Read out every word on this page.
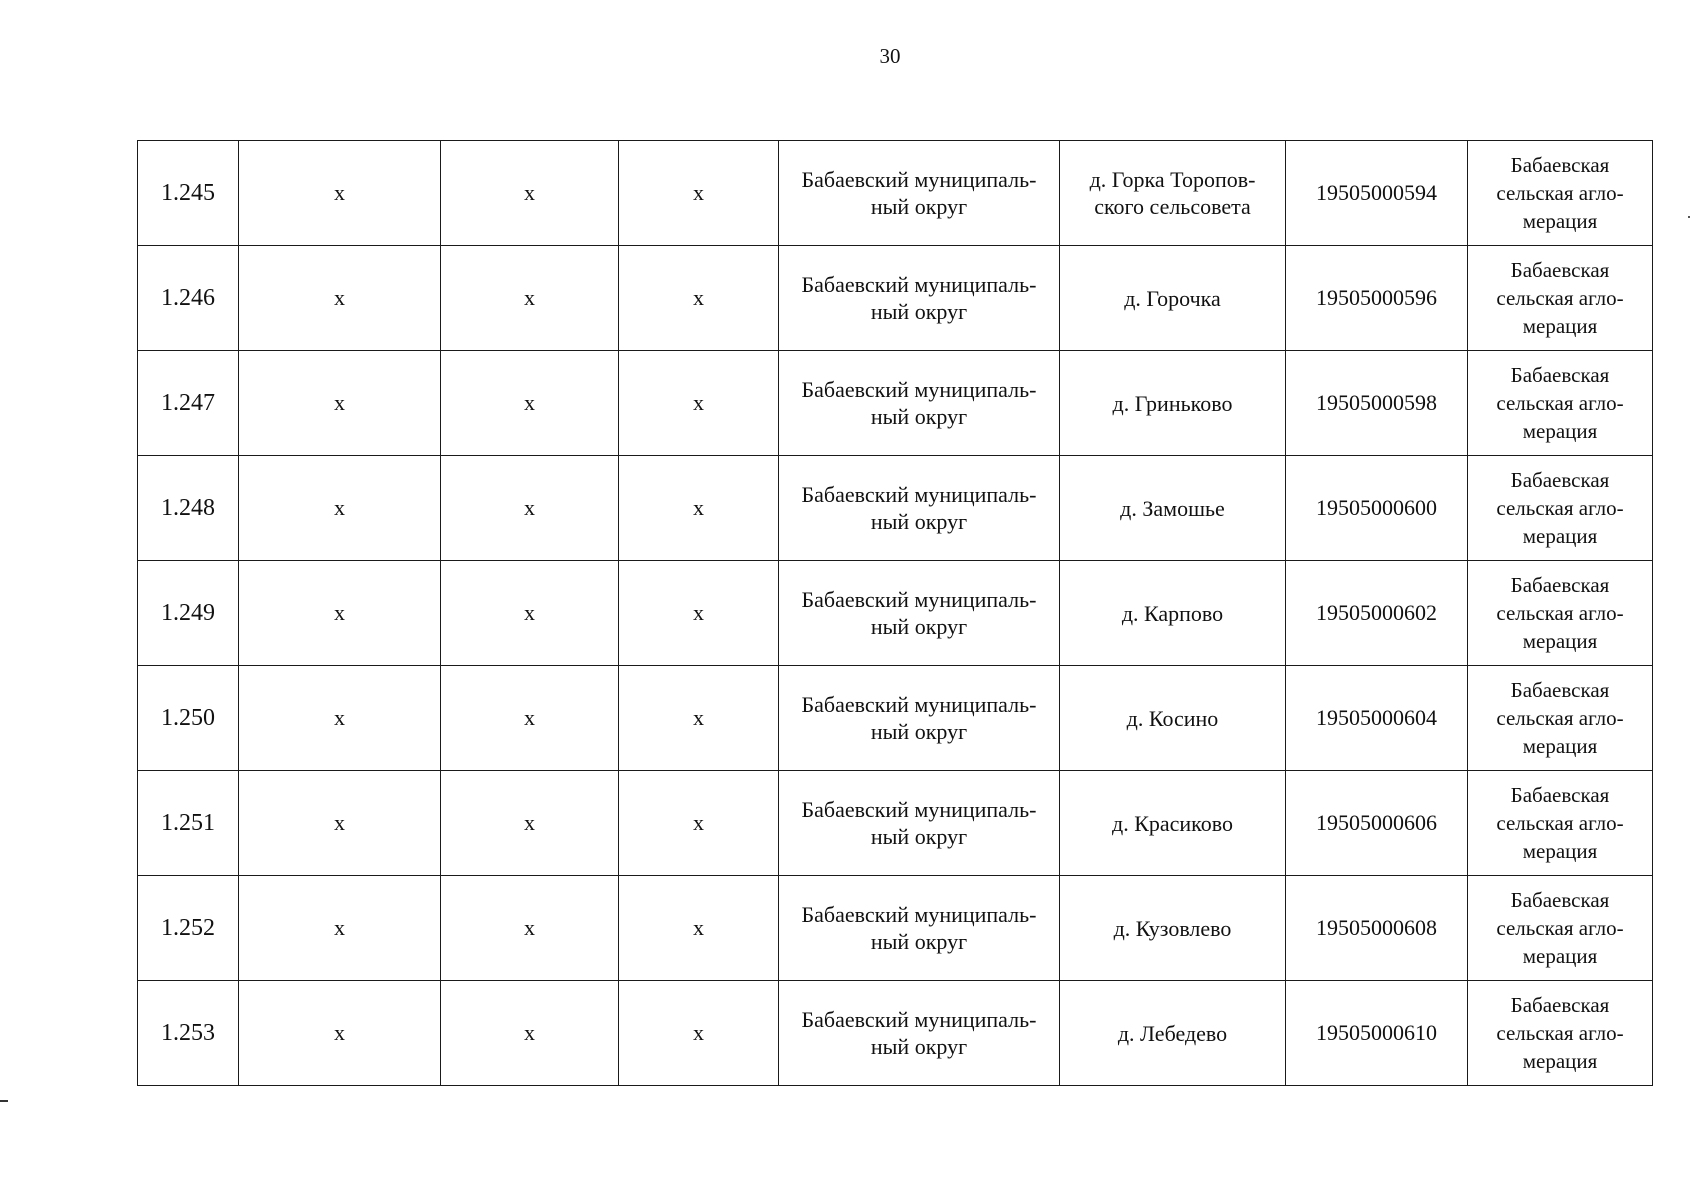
30
1.245	х	х	х	Бабаевский муниципаль-
ный округ	д. Горка Торопов-
ского сельсовета	19505000594	Бабаевская
сельская агло-
мерация

1.246	х	х	х	Бабаевский муниципаль-
ный округ	д. Горочка	19505000596	Бабаевская
сельская агло-
мерация

1.247	х	х	х	Бабаевский муниципаль-
ный округ	д. Гриньково	19505000598	Бабаевская
сельская агло-
мерация

1.248	х	х	х	Бабаевский муниципаль-
ный округ	д. Замошье	19505000600	Бабаевская
сельская агло-
мерация

1.249	х	х	х	Бабаевский муниципаль-
ный округ	д. Карпово	19505000602	Бабаевская
сельская агло-
мерация

1.250	х	х	х	Бабаевский муниципаль-
ный округ	д. Косино	19505000604	Бабаевская
сельская агло-
мерация

1.251	х	х	х	Бабаевский муниципаль-
ный округ	д. Красиково	19505000606	Бабаевская
сельская агло-
мерация

1.252	х	х	х	Бабаевский муниципаль-
ный округ	д. Кузовлево	19505000608	Бабаевская
сельская агло-
мерация

1.253	х	х	х	Бабаевский муниципаль-
ный округ	д. Лебедево	19505000610	Бабаевская
сельская агло-
мерация
